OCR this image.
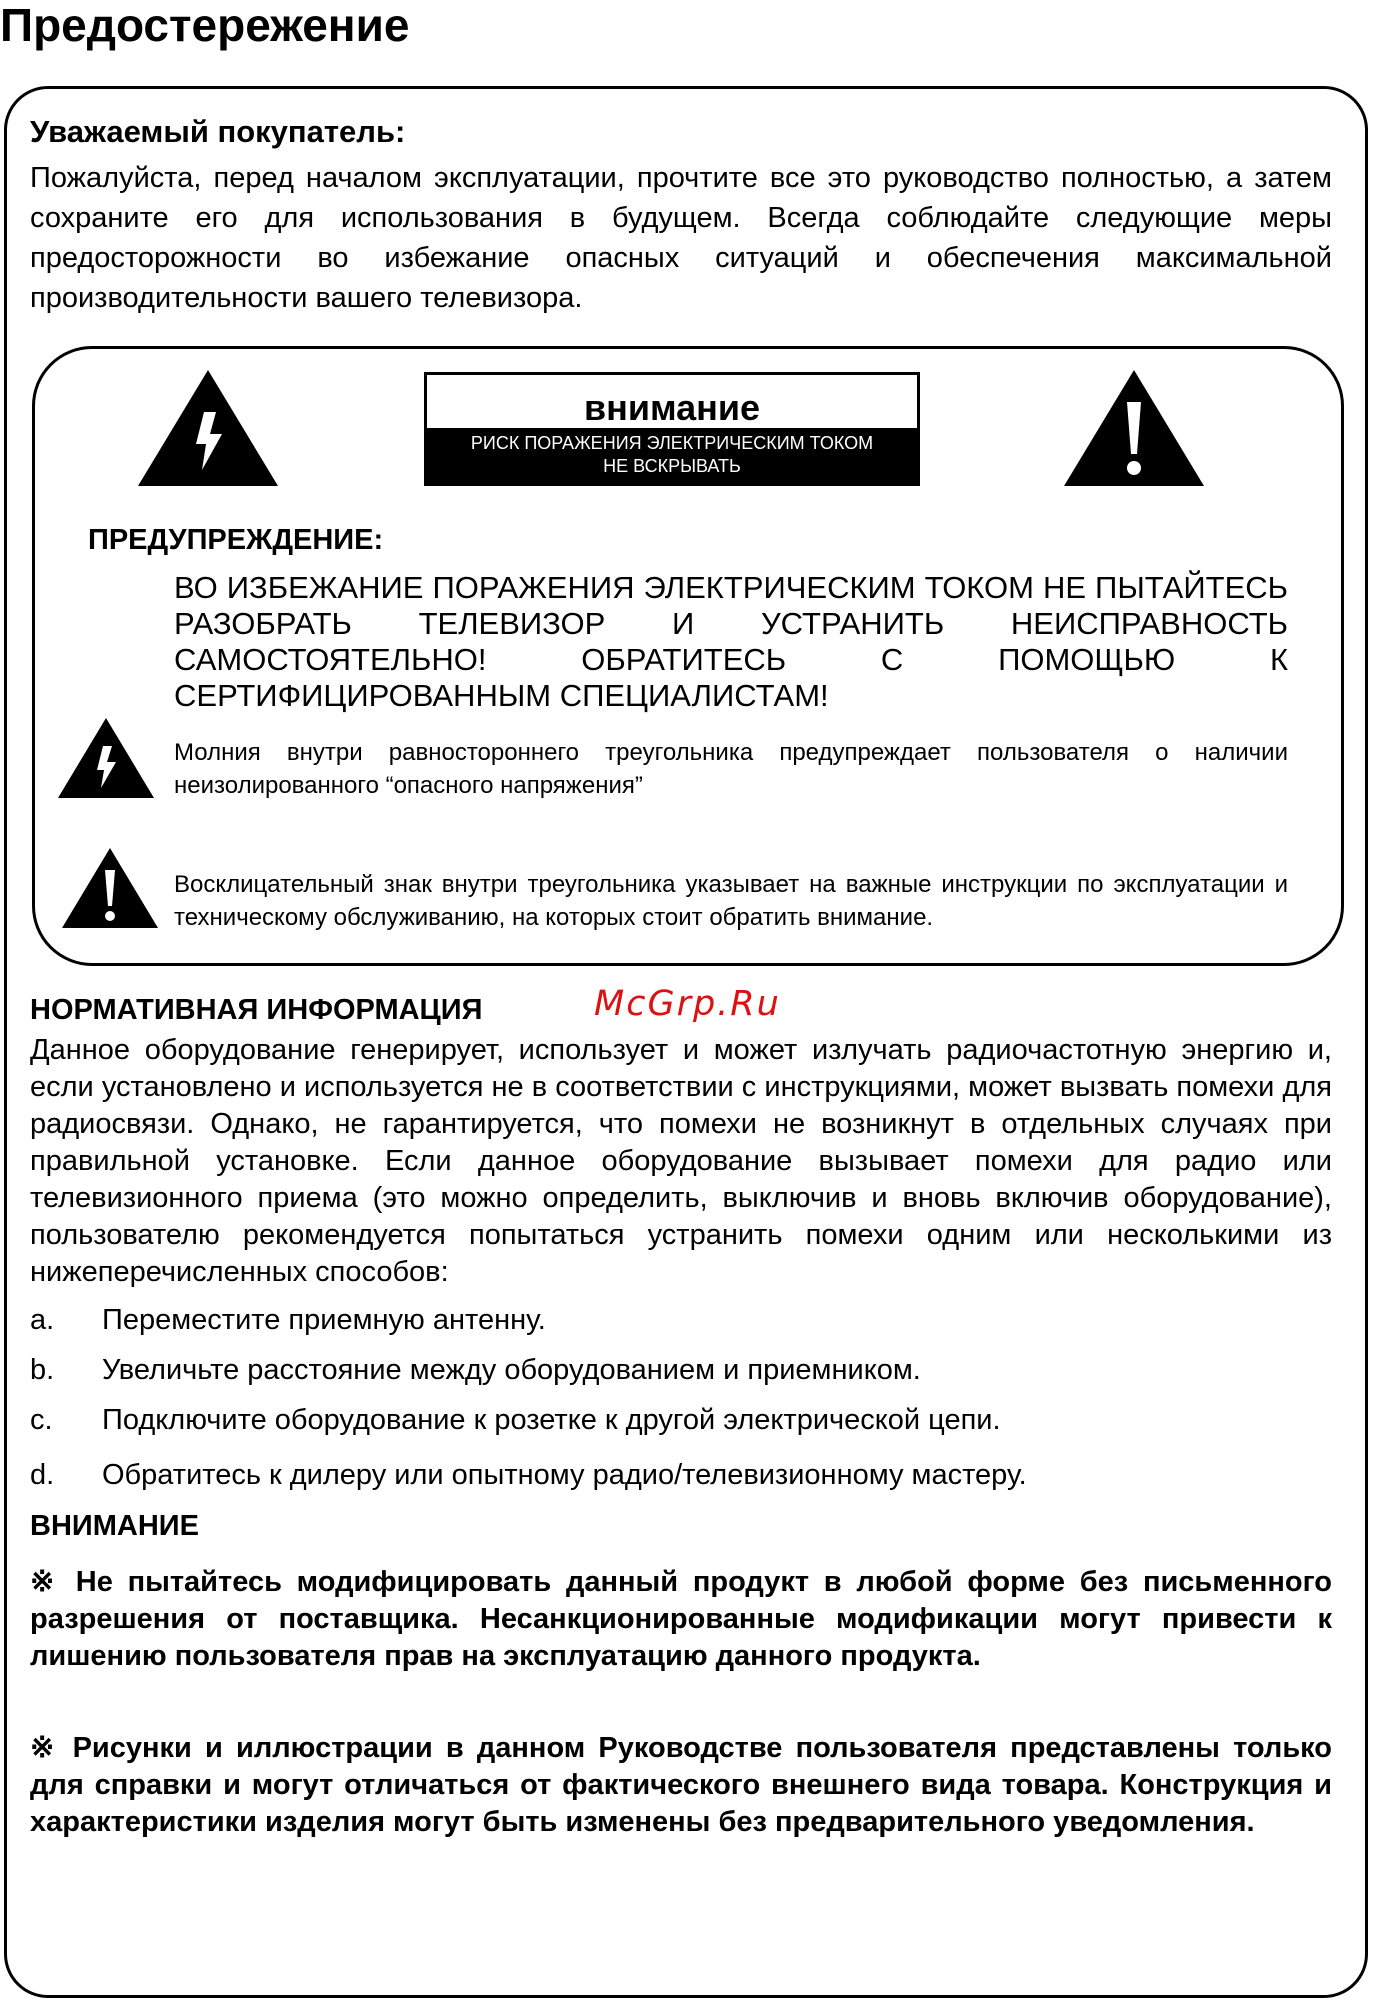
Предостережение
Уважаемый покупатель:

Пожалуйста, перед началом эксплуатации, прочтите все это руководство полностью, а затем сохраните его для использования в будущем. Всегда соблюдайте следующие меры предосторожности во избежание опасных ситуаций и обеспечения максимальной производительности вашего телевизора.

внимание
РИСК ПОРАЖЕНИЯ ЭЛЕКТРИЧЕСКИМ ТОКОМ
НЕ ВСКРЫВАТЬ
ПРЕДУПРЕЖДЕНИЕ:

ВО ИЗБЕЖАНИЕ ПОРАЖЕНИЯ ЭЛЕКТРИЧЕСКИМ ТОКОМ НЕ ПЫТАЙТЕСЬ РАЗОБРАТЬ ТЕЛЕВИЗОР И УСТРАНИТЬ НЕИСПРАВНОСТЬ САМОСТОЯТЕЛЬНО! ОБРАТИТЕСЬ С ПОМОЩЬЮ К СЕРТИФИЦИРОВАННЫМ СПЕЦИАЛИСТАМ!

Молния внутри равностороннего треугольника предупреждает пользователя о наличии неизолированного “опасного напряжения”

Восклицательный знак внутри треугольника указывает на важные инструкции по эксплуатации и техническому обслуживанию, на которых стоит обратить внимание.

McGrp.Ru
НОРМАТИВНАЯ ИНФОРМАЦИЯ

Данное оборудование генерирует, использует и может излучать радиочастотную энергию и, если установлено и используется не в соответствии с инструкциями, может вызвать помехи для радиосвязи. Однако, не гарантируется, что помехи не возникнут в отдельных случаях при правильной установке. Если данное оборудование вызывает помехи для радио или телевизионного приема (это можно определить, выключив и вновь включив оборудование), пользователю рекомендуется попытаться устранить помехи одним или несколькими из нижеперечисленных способов:

a. Переместите приемную антенну.
b. Увеличьте расстояние между оборудованием и приемником.
c. Подключите оборудование к розетке к другой электрической цепи.
d. Обратитесь к дилеру или опытному радио/телевизионному мастеру.
ВНИМАНИЕ

※ Не пытайтесь модифицировать данный продукт в любой форме без письменного разрешения от поставщика. Несанкционированные модификации могут привести к лишению пользователя прав на эксплуатацию данного продукта.

※ Рисунки и иллюстрации в данном Руководстве пользователя представлены только для справки и могут отличаться от фактического внешнего вида товара. Конструкция и характеристики изделия могут быть изменены без предварительного уведомления.
